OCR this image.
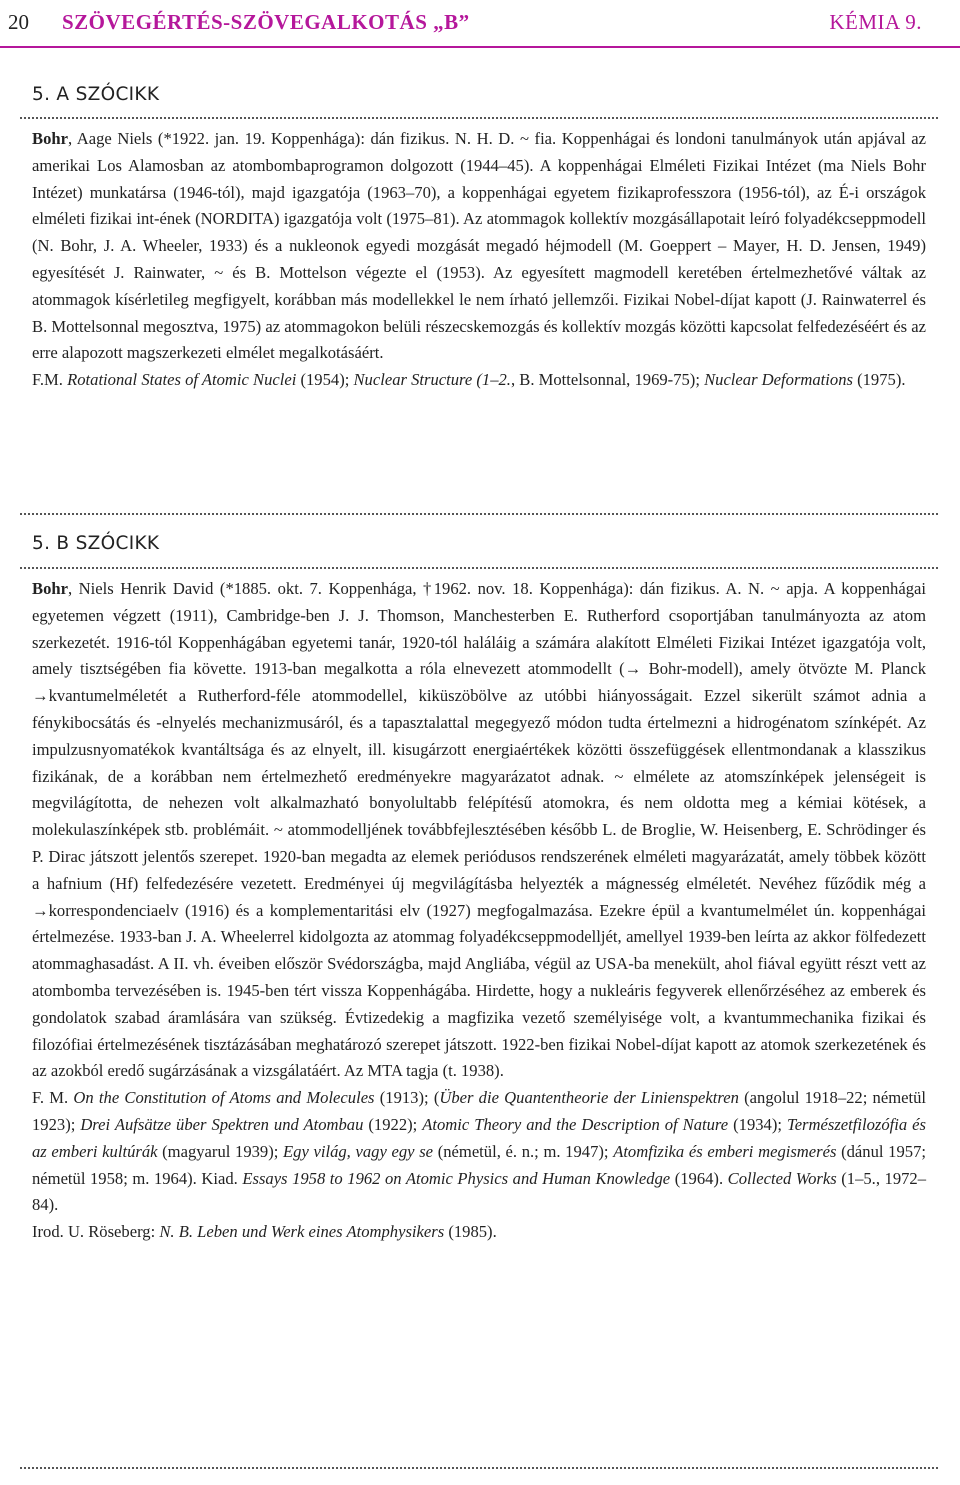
20 SZÖVEGÉRTÉS-SZÖVEGALKOTÁS „B”	KÉMIA 9.
5. A SZÓCIKK

Bohr, Aage Niels (*1922. jan. 19. Koppenhága): dán fizikus. N. H. D. ~ fia. Koppenhágai és londoni tanulmányok után apjával az amerikai Los Alamosban az atombombaprogramon dolgozott (1944–45). A koppenhágai Elméleti Fizikai Intézet (ma Niels Bohr Intézet) munkatársa (1946-tól), majd igazgatója (1963–70), a koppenhágai egyetem fizikaprofesszora (1956-tól), az É-i országok elméleti fizikai int-ének (NORDITA) igazgatója volt (1975–81). Az atommagok kollektív mozgásállapotait leíró folyadékcseppmodell (N. Bohr, J. A. Wheeler, 1933) és a nukleonok egyedi mozgását megadó héjmodell (M. Goeppert – Mayer, H. D. Jensen, 1949) egyesítését J. Rainwater, ~ és B. Mottelson végezte el (1953). Az egyesített magmodell keretében értelmezhetővé váltak az atommagok kísérletileg megfigyelt, korábban más modellekkel le nem írható jellemzői. Fizikai Nobel-díjat kapott (J. Rainwaterrel és B. Mottelsonnal megosztva, 1975) az atommagokon belüli részecskemozgás és kollektív mozgás közötti kapcsolat felfedezéséért és az erre alapozott magszerkezeti elmélet megalkotásáért.

F.M. Rotational States of Atomic Nuclei (1954); Nuclear Structure (1–2., B. Mottelsonnal, 1969-75); Nuclear Deformations (1975).

5. B SZÓCIKK

Bohr, Niels Henrik David (*1885. okt. 7. Koppenhága, †1962. nov. 18. Koppenhága): dán fizikus. A. N. ~ apja. A koppenhágai egyetemen végzett (1911), Cambridge-ben J. J. Thomson, Manchesterben E. Rutherford csoportjában tanulmányozta az atom szerkezetét. 1916-tól Koppenhágában egyetemi tanár, 1920-tól haláláig a számára alakított Elméleti Fizikai Intézet igazgatója volt, amely tisztségében fia követte. 1913-ban megalkotta a róla elnevezett atommodellt (→ Bohr-modell), amely ötvözte M. Planck →kvantumelméletét a Rutherford-féle atommodellel, kiküszöbölve az utóbbi hiányosságait. Ezzel sikerült számot adnia a fénykibocsátás és -elnyelés mechanizmusáról, és a tapasztalattal megegyező módon tudta értelmezni a hidrogénatom színképét. Az impulzusnyomatékok kvantáltsága és az elnyelt, ill. kisugárzott energiaértékek közötti összefüggések ellentmondanak a klasszikus fizikának, de a korábban nem értelmezhető eredményekre magyarázatot adnak. ~ elmélete az atomszínképek jelenségeit is megvilágította, de nehezen volt alkalmazható bonyolultabb felépítésű atomokra, és nem oldotta meg a kémiai kötések, a molekulaszínképek stb. problémáit. ~ atommodelljének továbbfejlesztésében később L. de Broglie, W. Heisenberg, E. Schrödinger és P. Dirac játszott jelentős szerepet. 1920-ban megadta az elemek periódusos rendszerének elméleti magyarázatát, amely többek között a hafnium (Hf) felfedezésére vezetett. Eredményei új megvilágításba helyezték a mágnesség elméletét. Nevéhez fűződik még a →korrespondenciaelv (1916) és a komplementaritási elv (1927) megfogalmazása. Ezekre épül a kvantumelmélet ún. koppenhágai értelmezése. 1933-ban J. A. Wheelerrel kidolgozta az atommag folyadékcseppmodelljét, amellyel 1939-ben leírta az akkor fölfedezett atommaghasadást. A II. vh. éveiben először Svédországba, majd Angliába, végül az USA-ba menekült, ahol fiával együtt részt vett az atombomba tervezésében is. 1945-ben tért vissza Koppenhágába. Hirdette, hogy a nukleáris fegyverek ellenőrzéséhez az emberek és gondolatok szabad áramlására van szükség. Évtizedekig a magfizika vezető személyisége volt, a kvantummechanika fizikai és filozófiai értelmezésének tisztázásában meghatározó szerepet játszott. 1922-ben fizikai Nobel-díjat kapott az atomok szerkezetének és az azokból eredő sugárzásának a vizsgálatáért. Az MTA tagja (t. 1938).

F. M. On the Constitution of Atoms and Molecules (1913); (Über die Quantentheorie der Linienspektren (angolul 1918–22; németül 1923); Drei Aufsätze über Spektren und Atombau (1922); Atomic Theory and the Description of Nature (1934); Természetfilozófia és az emberi kultúrák (magyarul 1939); Egy világ, vagy egy se (németül, é. n.; m. 1947); Atomfizika és emberi megismerés (dánul 1957; németül 1958; m. 1964). Kiad. Essays 1958 to 1962 on Atomic Physics and Human Knowledge (1964). Collected Works (1–5., 1972–84).

Irod. U. Röseberg: N. B. Leben und Werk eines Atomphysikers (1985).
